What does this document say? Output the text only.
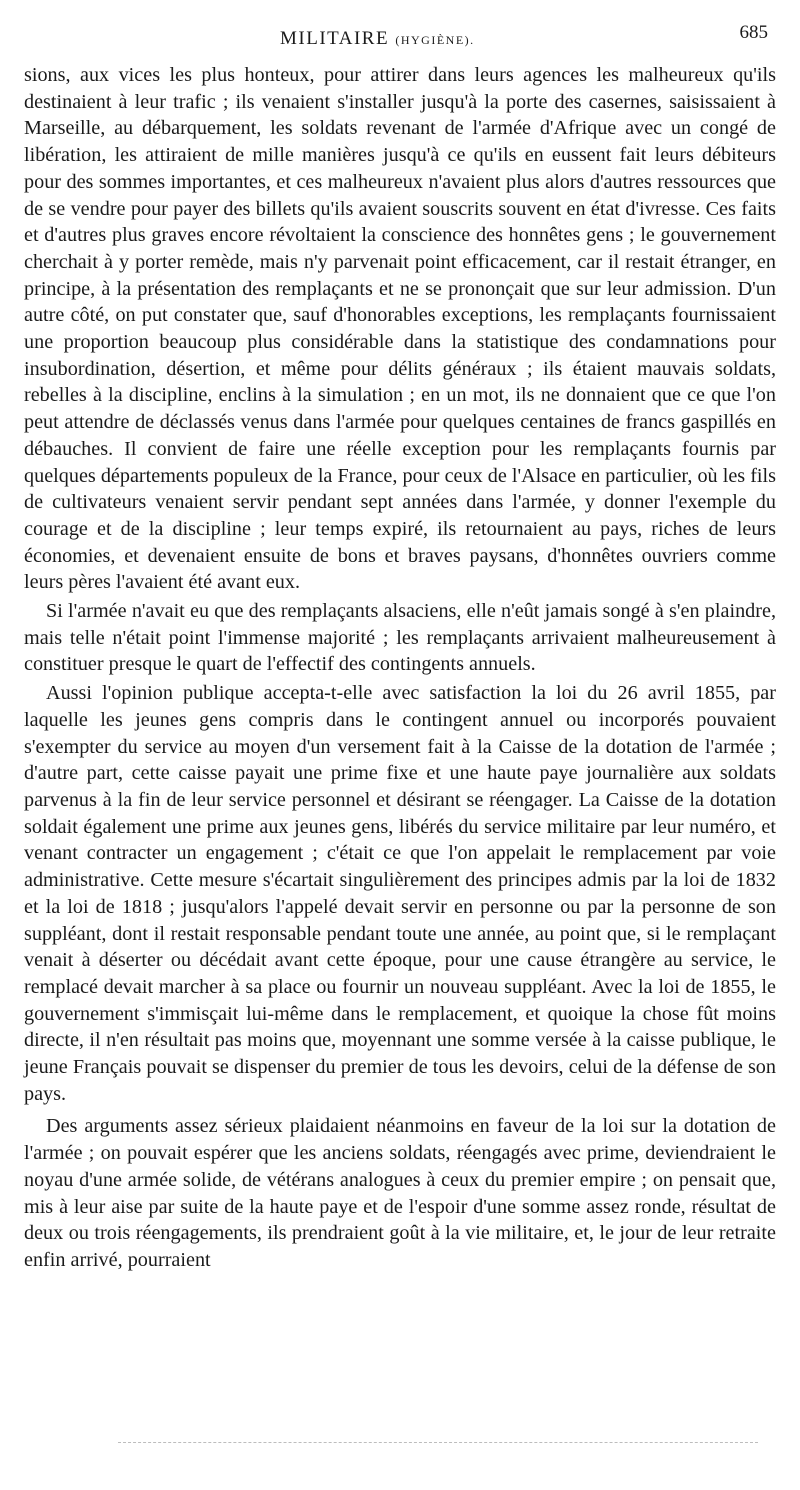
MILITAIRE (HYGIÈNE).	685

sions, aux vices les plus honteux, pour attirer dans leurs agences les malheureux qu'ils destinaient à leur trafic ; ils venaient s'installer jusqu'à la porte des casernes, saisissaient à Marseille, au débarquement, les soldats revenant de l'armée d'Afrique avec un congé de libération, les attiraient de mille manières jusqu'à ce qu'ils en eussent fait leurs débiteurs pour des sommes importantes, et ces malheureux n'avaient plus alors d'autres ressources que de se vendre pour payer des billets qu'ils avaient souscrits souvent en état d'ivresse. Ces faits et d'autres plus graves encore révoltaient la conscience des honnêtes gens ; le gouvernement cherchait à y porter remède, mais n'y parvenait point efficacement, car il restait étranger, en principe, à la présentation des remplaçants et ne se prononçait que sur leur admission. D'un autre côté, on put constater que, sauf d'honorables exceptions, les remplaçants fournissaient une proportion beaucoup plus considérable dans la statistique des condamnations pour insubordination, désertion, et même pour délits généraux ; ils étaient mauvais soldats, rebelles à la discipline, enclins à la simulation ; en un mot, ils ne donnaient que ce que l'on peut attendre de déclassés venus dans l'armée pour quelques centaines de francs gaspillés en débauches. Il convient de faire une réelle exception pour les remplaçants fournis par quelques départements populeux de la France, pour ceux de l'Alsace en particulier, où les fils de cultivateurs venaient servir pendant sept années dans l'armée, y donner l'exemple du courage et de la discipline ; leur temps expiré, ils retournaient au pays, riches de leurs économies, et devenaient ensuite de bons et braves paysans, d'honnêtes ouvriers comme leurs pères l'avaient été avant eux.

Si l'armée n'avait eu que des remplaçants alsaciens, elle n'eût jamais songé à s'en plaindre, mais telle n'était point l'immense majorité ; les remplaçants arrivaient malheureusement à constituer presque le quart de l'effectif des contingents annuels.

Aussi l'opinion publique accepta-t-elle avec satisfaction la loi du 26 avril 1855, par laquelle les jeunes gens compris dans le contingent annuel ou incorporés pouvaient s'exempter du service au moyen d'un versement fait à la Caisse de la dotation de l'armée ; d'autre part, cette caisse payait une prime fixe et une haute paye journalière aux soldats parvenus à la fin de leur service personnel et désirant se réengager. La Caisse de la dotation soldait également une prime aux jeunes gens, libérés du service militaire par leur numéro, et venant contracter un engagement ; c'était ce que l'on appelait le remplacement par voie administrative. Cette mesure s'écartait singulièrement des principes admis par la loi de 1832 et la loi de 1818 ; jusqu'alors l'appelé devait servir en personne ou par la personne de son suppléant, dont il restait responsable pendant toute une année, au point que, si le remplaçant venait à déserter ou décédait avant cette époque, pour une cause étrangère au service, le remplacé devait marcher à sa place ou fournir un nouveau suppléant. Avec la loi de 1855, le gouvernement s'immisçait lui-même dans le remplacement, et quoique la chose fût moins directe, il n'en résultait pas moins que, moyennant une somme versée à la caisse publique, le jeune Français pouvait se dispenser du premier de tous les devoirs, celui de la défense de son pays.

Des arguments assez sérieux plaidaient néanmoins en faveur de la loi sur la dotation de l'armée ; on pouvait espérer que les anciens soldats, réengagés avec prime, deviendraient le noyau d'une armée solide, de vétérans analogues à ceux du premier empire ; on pensait que, mis à leur aise par suite de la haute paye et de l'espoir d'une somme assez ronde, résultat de deux ou trois réengagements, ils prendraient goût à la vie militaire, et, le jour de leur retraite enfin arrivé, pourraient
